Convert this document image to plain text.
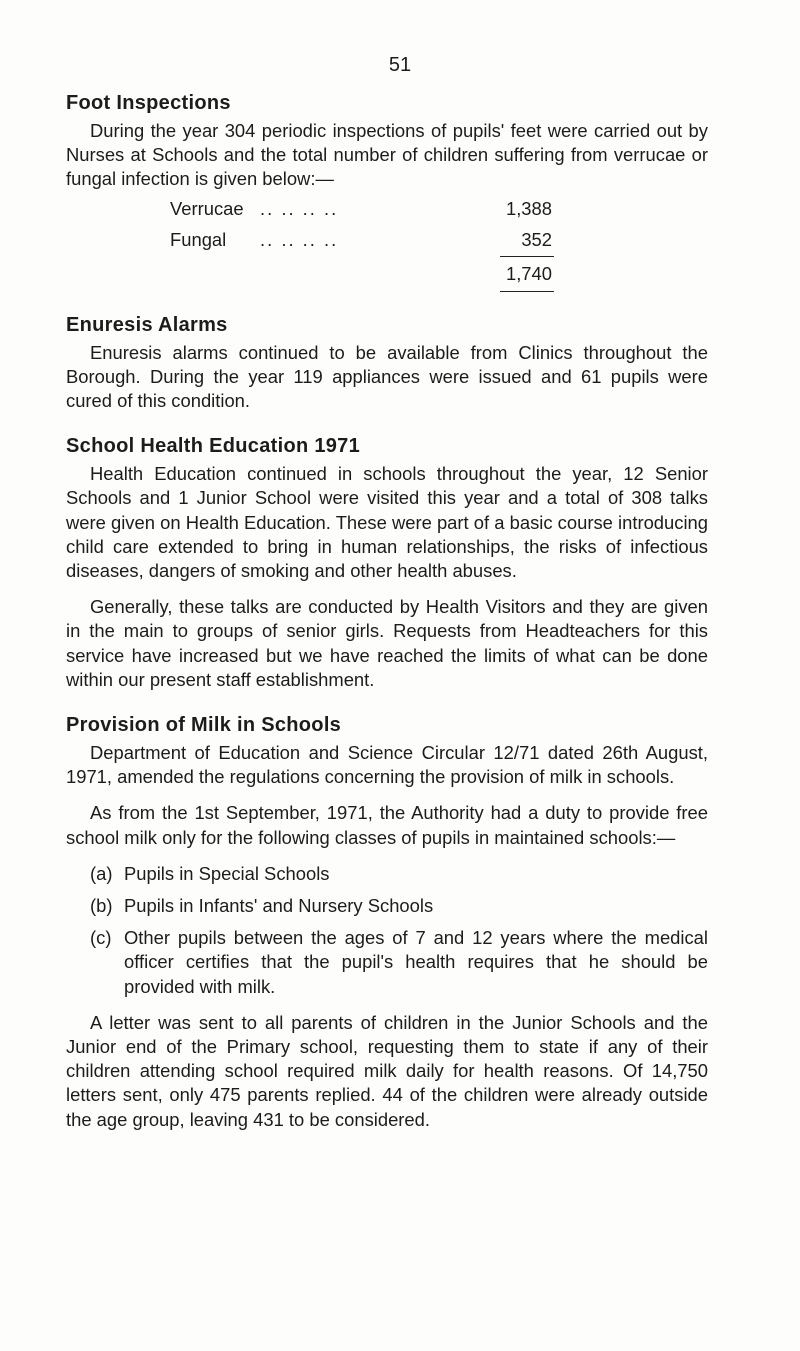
51
Foot Inspections

During the year 304 periodic inspections of pupils' feet were carried out by Nurses at Schools and the total number of children suffering from verrucae or fungal infection is given below:—

Verrucae .. .. .. ..	1,388
Fungal	.. .. .. ..	352
1,740
Enuresis Alarms

Enuresis alarms continued to be available from Clinics throughout the Borough. During the year 119 appliances were issued and 61 pupils were cured of this condition.

School Health Education 1971

Health Education continued in schools throughout the year, 12 Senior Schools and 1 Junior School were visited this year and a total of 308 talks were given on Health Education. These were part of a basic course introducing child care extended to bring in human relationships, the risks of infectious diseases, dangers of smoking and other health abuses.

Generally, these talks are conducted by Health Visitors and they are given in the main to groups of senior girls. Requests from Headteachers for this service have increased but we have reached the limits of what can be done within our present staff establishment.

Provision of Milk in Schools

Department of Education and Science Circular 12/71 dated 26th August, 1971, amended the regulations concerning the provision of milk in schools.

As from the 1st September, 1971, the Authority had a duty to provide free school milk only for the following classes of pupils in maintained schools:—

(a) Pupils in Special Schools
(b) Pupils in Infants' and Nursery Schools
(c) Other pupils between the ages of 7 and 12 years where the medical officer certifies that the pupil's health requires that he should be provided with milk.

A letter was sent to all parents of children in the Junior Schools and the Junior end of the Primary school, requesting them to state if any of their children attending school required milk daily for health reasons. Of 14,750 letters sent, only 475 parents replied. 44 of the children were already outside the age group, leaving 431 to be considered.
